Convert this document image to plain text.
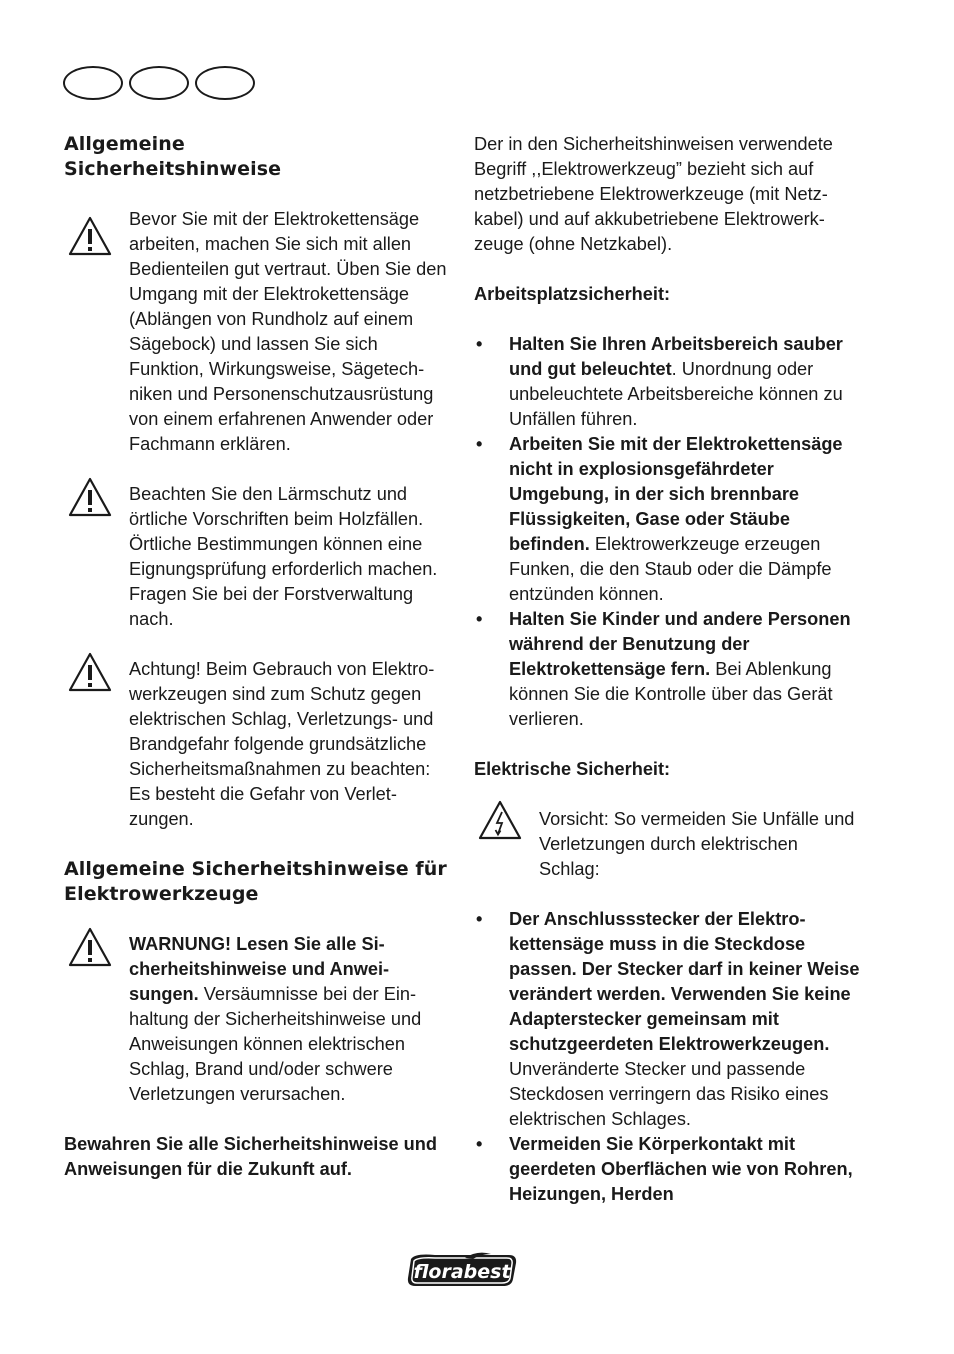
Allgemeine Sicherheitshinweise

Bevor Sie mit der Elektrokettensäge arbeiten, machen Sie sich mit allen Bedienteilen gut vertraut. Üben Sie den Umgang mit der Elektrokettensäge (Ablängen von Rundholz auf einem Sägebock) und lassen Sie sich Funktion, Wirkungsweise, Sägetechniken und Personenschutzausrüstung von einem erfahrenen Anwender oder Fachmann erklären.

Beachten Sie den Lärmschutz und örtliche Vorschriften beim Holzfällen. Örtliche Bestimmungen können eine Eignungsprüfung erforderlich machen. Fragen Sie bei der Forstverwaltung nach.

Achtung! Beim Gebrauch von Elektrowerkzeugen sind zum Schutz gegen elektrischen Schlag, Verletzungs- und Brandgefahr folgende grundsätzliche Sicherheitsmaßnahmen zu beachten: Es besteht die Gefahr von Verletzungen.

Allgemeine Sicherheitshinweise für Elektrowerkzeuge

WARNUNG! Lesen Sie alle Sicherheitshinweise und Anweisungen. Versäumnisse bei der Einhaltung der Sicherheitshinweise und Anweisungen können elektrischen Schlag, Brand und/oder schwere Verletzungen verursachen.

Bewahren Sie alle Sicherheitshinweise und Anweisungen für die Zukunft auf.

Der in den Sicherheitshinweisen verwendete Begriff ,,Elektrowerkzeug” bezieht sich auf netzbetriebene Elektrowerkzeuge (mit Netzkabel) und auf akkubetriebene Elektrowerkzeuge (ohne Netzkabel).

Arbeitsplatzsicherheit:

• Halten Sie Ihren Arbeitsbereich sauber und gut beleuchtet. Unordnung oder unbeleuchtete Arbeitsbereiche können zu Unfällen führen.
• Arbeiten Sie mit der Elektrokettensäge nicht in explosionsgefährdeter Umgebung, in der sich brennbare Flüssigkeiten, Gase oder Stäube befinden. Elektrowerkzeuge erzeugen Funken, die den Staub oder die Dämpfe entzünden können.
• Halten Sie Kinder und andere Personen während der Benutzung der Elektrokettensäge fern. Bei Ablenkung können Sie die Kontrolle über das Gerät verlieren.

Elektrische Sicherheit:

Vorsicht: So vermeiden Sie Unfälle und Verletzungen durch elektrischen Schlag:

• Der Anschlussstecker der Elektrokettensäge muss in die Steckdose passen. Der Stecker darf in keiner Weise verändert werden. Verwenden Sie keine Adapterstecker gemeinsam mit schutzgeerdeten Elektrowerkzeugen. Unveränderte Stecker und passende Steckdosen verringern das Risiko eines elektrischen Schlages.
• Vermeiden Sie Körperkontakt mit geerdeten Oberflächen wie von Rohren, Heizungen, Herden
florabest
